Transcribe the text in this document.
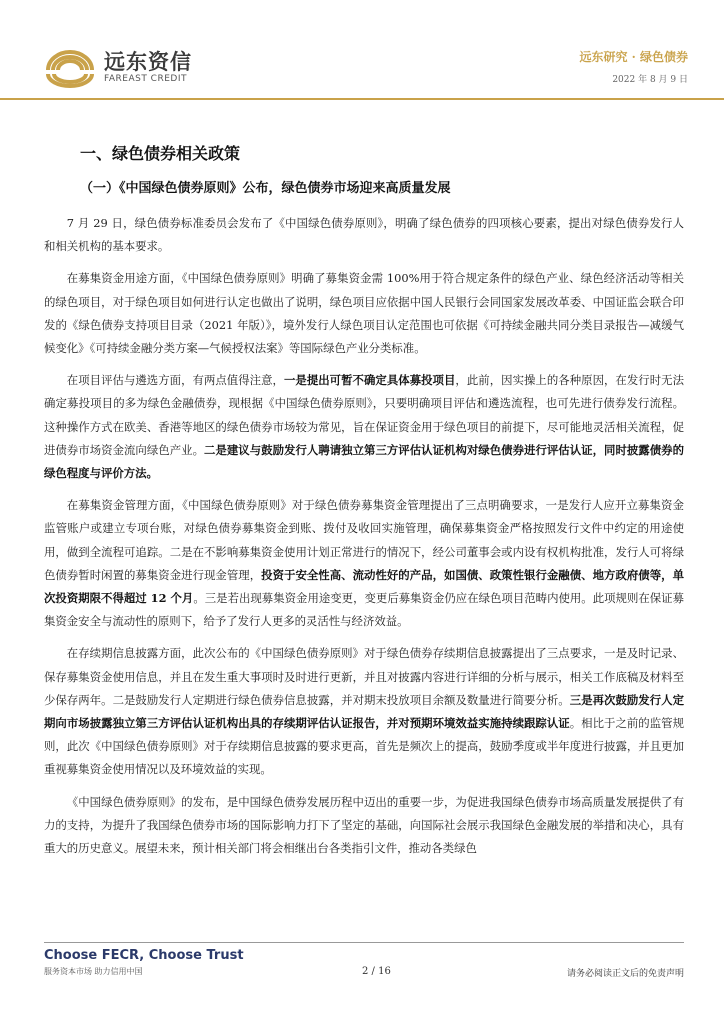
远东资信
FAREAST CREDIT
远东研究 · 绿色债券
2022 年 8 月 9 日
一、绿色债券相关政策
（一）《中国绿色债券原则》公布，绿色债券市场迎来高质量发展

7 月 29 日，绿色债券标准委员会发布了《中国绿色债券原则》，明确了绿色债券的四项核心要素，提出对绿色债券发行人和相关机构的基本要求。

在募集资金用途方面，《中国绿色债券原则》明确了募集资金需 100%用于符合规定条件的绿色产业、绿色经济活动等相关的绿色项目，对于绿色项目如何进行认定也做出了说明，绿色项目应依据中国人民银行会同国家发展改革委、中国证监会联合印发的《绿色债券支持项目目录（2021 年版）》，境外发行人绿色项目认定范围也可依据《可持续金融共同分类目录报告—减缓气候变化》《可持续金融分类方案—气候授权法案》等国际绿色产业分类标准。

在项目评估与遴选方面，有两点值得注意，一是提出可暂不确定具体募投项目，此前，因实操上的各种原因，在发行时无法确定募投项目的多为绿色金融债券，现根据《中国绿色债券原则》，只要明确项目评估和遴选流程，也可先进行债券发行流程。这种操作方式在欧美、香港等地区的绿色债券市场较为常见，旨在保证资金用于绿色项目的前提下，尽可能地灵活相关流程，促进债券市场资金流向绿色产业。二是建议与鼓励发行人聘请独立第三方评估认证机构对绿色债券进行评估认证，同时披露债券的绿色程度与评价方法。

在募集资金管理方面，《中国绿色债券原则》对于绿色债券募集资金管理提出了三点明确要求，一是发行人应开立募集资金监管账户或建立专项台账，对绿色债券募集资金到账、拨付及收回实施管理，确保募集资金严格按照发行文件中约定的用途使用，做到全流程可追踪。二是在不影响募集资金使用计划正常进行的情况下，经公司董事会或内设有权机构批准，发行人可将绿色债券暂时闲置的募集资金进行现金管理，投资于安全性高、流动性好的产品，如国债、政策性银行金融债、地方政府债等，单次投资期限不得超过 12 个月。三是若出现募集资金用途变更，变更后募集资金仍应在绿色项目范畴内使用。此项规则在保证募集资金安全与流动性的原则下，给予了发行人更多的灵活性与经济效益。

在存续期信息披露方面，此次公布的《中国绿色债券原则》对于绿色债券存续期信息披露提出了三点要求，一是及时记录、保存募集资金使用信息，并且在发生重大事项时及时进行更新，并且对披露内容进行详细的分析与展示，相关工作底稿及材料至少保存两年。二是鼓励发行人定期进行绿色债券信息披露，并对期末投放项目余额及数量进行简要分析。三是再次鼓励发行人定期向市场披露独立第三方评估认证机构出具的存续期评估认证报告，并对预期环境效益实施持续跟踪认证。相比于之前的监管规则，此次《中国绿色债券原则》对于存续期信息披露的要求更高，首先是频次上的提高，鼓励季度或半年度进行披露，并且更加重视募集资金使用情况以及环境效益的实现。

《中国绿色债券原则》的发布，是中国绿色债券发展历程中迈出的重要一步，为促进我国绿色债券市场高质量发展提供了有力的支持，为提升了我国绿色债券市场的国际影响力打下了坚定的基础，向国际社会展示我国绿色金融发展的举措和决心，具有重大的历史意义。展望未来，预计相关部门将会相继出台各类指引文件，推动各类绿色

Choose FECR, Choose Trust
服务资本市场 助力信用中国	2 / 16	请务必阅读正文后的免责声明
